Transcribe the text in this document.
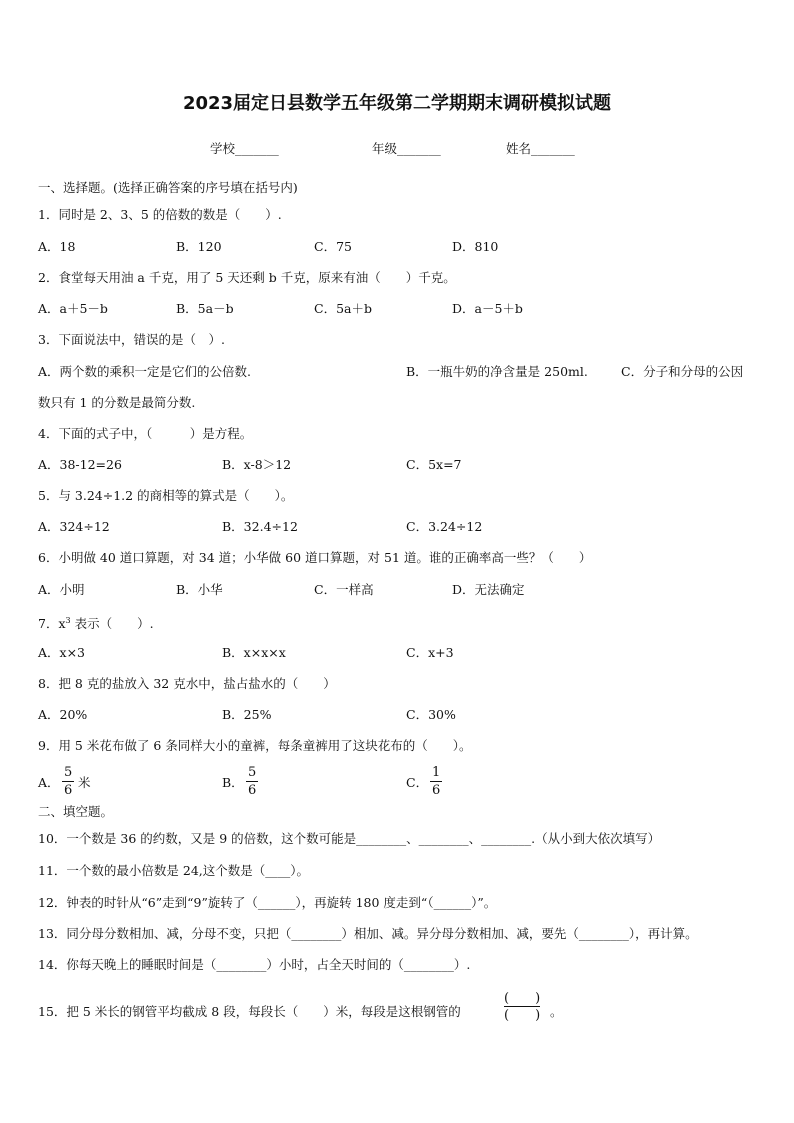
2023届定日县数学五年级第二学期期末调研模拟试题
学校_______	年级_______	姓名_______
一、选择题。(选择正确答案的序号填在括号内)
1．同时是 2、3、5 的倍数的数是（　　）.
A．18	B．120	C．75	D．810
2．食堂每天用油 a 千克，用了 5 天还剩 b 千克，原来有油（　　）千克。
A．a＋5－b	B．5a－b	C．5a＋b	D．a－5＋b
3．下面说法中，错误的是（　）.
A．两个数的乘积一定是它们的公倍数.	B．一瓶牛奶的净含量是 250ml.	C．分子和分母的公因
数只有 1 的分数是最简分数.
4．下面的式子中，（　　　）是方程。
A．38-12=26	B．x-8＞12	C．5x=7
5．与 3.24÷1.2 的商相等的算式是（　　）。
A．324÷12	B．32.4÷12	C．3.24÷12
6．小明做 40 道口算题，对 34 道；小华做 60 道口算题，对 51 道。谁的正确率高一些？（　　）
A．小明	B．小华	C．一样高	D．无法确定
7．$x^3$ 表示（　　）.
A．x×3	B．x×x×x	C．x+3
8．把 8 克的盐放入 32 克水中，盐占盐水的（　　）
A．20%	B．25%	C．30%
9．用 5 米花布做了 6 条同样大小的童裤，每条童裤用了这块花布的（　　）。
A． $\frac{5}{6}$ 米	B． $\frac{5}{6}$	C． $\frac{1}{6}$
二、填空题。
10．一个数是 36 的约数，又是 9 的倍数，这个数可能是________、________、________.（从小到大依次填写）
11．一个数的最小倍数是 24,这个数是（____）。
12．钟表的时针从“6”走到“9”旋转了（______），再旋转 180 度走到“（______）”。
13．同分母分数相加、减，分母不变，只把（________）相加、减。异分母分数相加、减，要先（________），再计算。
14．你每天晚上的睡眠时间是（________）小时，占全天时间的（________）.
15．把 5 米长的钢管平均截成 8 段，每段长（　　）米，每段是这根钢管的
(　　)
(　　) 。
